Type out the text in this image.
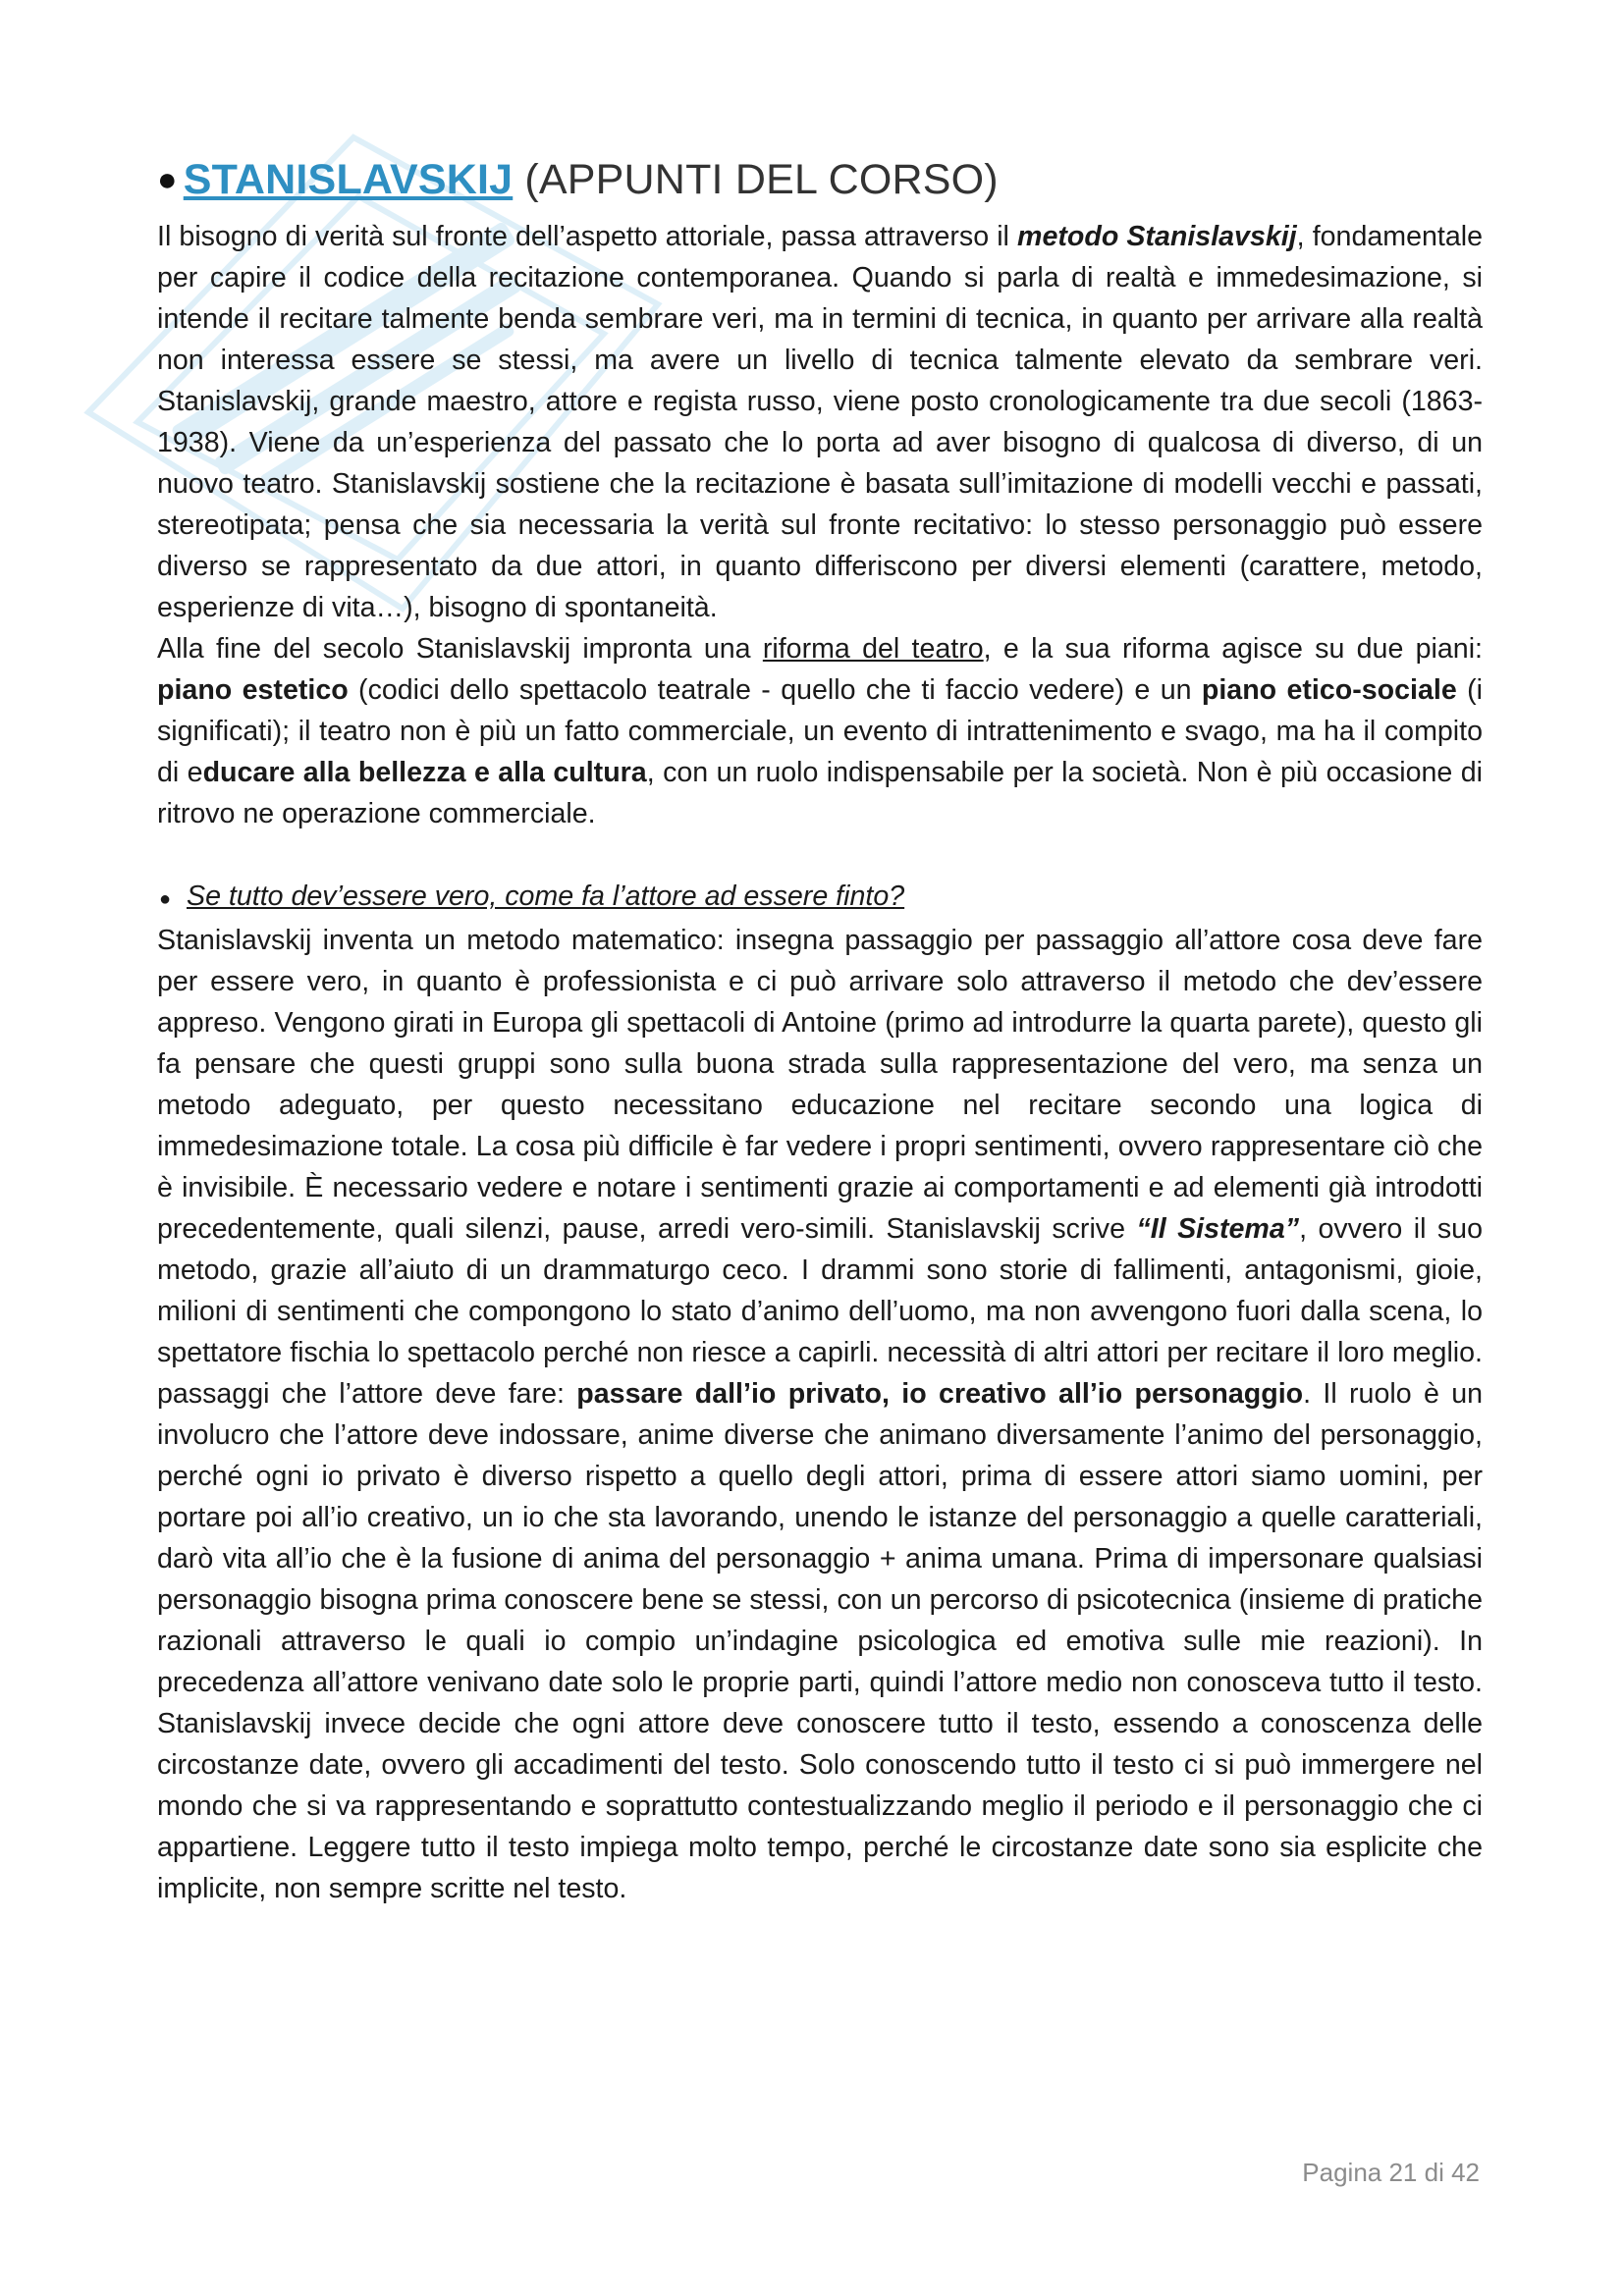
● STANISLAVSKIJ (APPUNTI DEL CORSO)

Il bisogno di verità sul fronte dell’aspetto attoriale, passa attraverso il metodo Stanislavskij, fondamentale per capire il codice della recitazione contemporanea. Quando si parla di realtà e immedesimazione, si intende il recitare talmente benda sembrare veri, ma in termini di tecnica, in quanto per arrivare alla realtà non interessa essere se stessi, ma avere un livello di tecnica talmente elevato da sembrare veri. Stanislavskij, grande maestro, attore e regista russo, viene posto cronologicamente tra due secoli (1863-1938). Viene da un’esperienza del passato che lo porta ad aver bisogno di qualcosa di diverso, di un nuovo teatro. Stanislavskij sostiene che la recitazione è basata sull’imitazione di modelli vecchi e passati, stereotipata; pensa che sia necessaria la verità sul fronte recitativo: lo stesso personaggio può essere diverso se rappresentato da due attori, in quanto differiscono per diversi elementi (carattere, metodo, esperienze di vita…), bisogno di spontaneità.

Alla fine del secolo Stanislavskij impronta una riforma del teatro, e la sua riforma agisce su due piani: piano estetico (codici dello spettacolo teatrale - quello che ti faccio vedere) e un piano etico-sociale (i significati); il teatro non è più un fatto commerciale, un evento di intrattenimento e svago, ma ha il compito di educare alla bellezza e alla cultura, con un ruolo indispensabile per la società. Non è più occasione di ritrovo ne operazione commerciale.

● Se tutto dev’essere vero, come fa l’attore ad essere finto?

Stanislavskij inventa un metodo matematico: insegna passaggio per passaggio all’attore cosa deve fare per essere vero, in quanto è professionista e ci può arrivare solo attraverso il metodo che dev’essere appreso. Vengono girati in Europa gli spettacoli di Antoine (primo ad introdurre la quarta parete), questo gli fa pensare che questi gruppi sono sulla buona strada sulla rappresentazione del vero, ma senza un metodo adeguato, per questo necessitano educazione nel recitare secondo una logica di immedesimazione totale. La cosa più difficile è far vedere i propri sentimenti, ovvero rappresentare ciò che è invisibile. È necessario vedere e notare i sentimenti grazie ai comportamenti e ad elementi già introdotti precedentemente, quali silenzi, pause, arredi vero-simili. Stanislavskij scrive “Il Sistema”, ovvero il suo metodo, grazie all’aiuto di un drammaturgo ceco. I drammi sono storie di fallimenti, antagonismi, gioie, milioni di sentimenti che compongono lo stato d’animo dell’uomo, ma non avvengono fuori dalla scena, lo spettatore fischia lo spettacolo perché non riesce a capirli. necessità di altri attori per recitare il loro meglio. passaggi che l’attore deve fare: passare dall’io privato, io creativo all’io personaggio. Il ruolo è un involucro che l’attore deve indossare, anime diverse che animano diversamente l’animo del personaggio, perché ogni io privato è diverso rispetto a quello degli attori, prima di essere attori siamo uomini, per portare poi all’io creativo, un io che sta lavorando, unendo le istanze del personaggio a quelle caratteriali, darò vita all’io che è la fusione di anima del personaggio + anima umana. Prima di impersonare qualsiasi personaggio bisogna prima conoscere bene se stessi, con un percorso di psicotecnica (insieme di pratiche razionali attraverso le quali io compio un’indagine psicologica ed emotiva sulle mie reazioni). In precedenza all’attore venivano date solo le proprie parti, quindi l’attore medio non conosceva tutto il testo. Stanislavskij invece decide che ogni attore deve conoscere tutto il testo, essendo a conoscenza delle circostanze date, ovvero gli accadimenti del testo. Solo conoscendo tutto il testo ci si può immergere nel mondo che si va rappresentando e soprattutto contestualizzando meglio il periodo e il personaggio che ci appartiene. Leggere tutto il testo impiega molto tempo, perché le circostanze date sono sia esplicite che implicite, non sempre scritte nel testo.

Pagina 21 di 42
